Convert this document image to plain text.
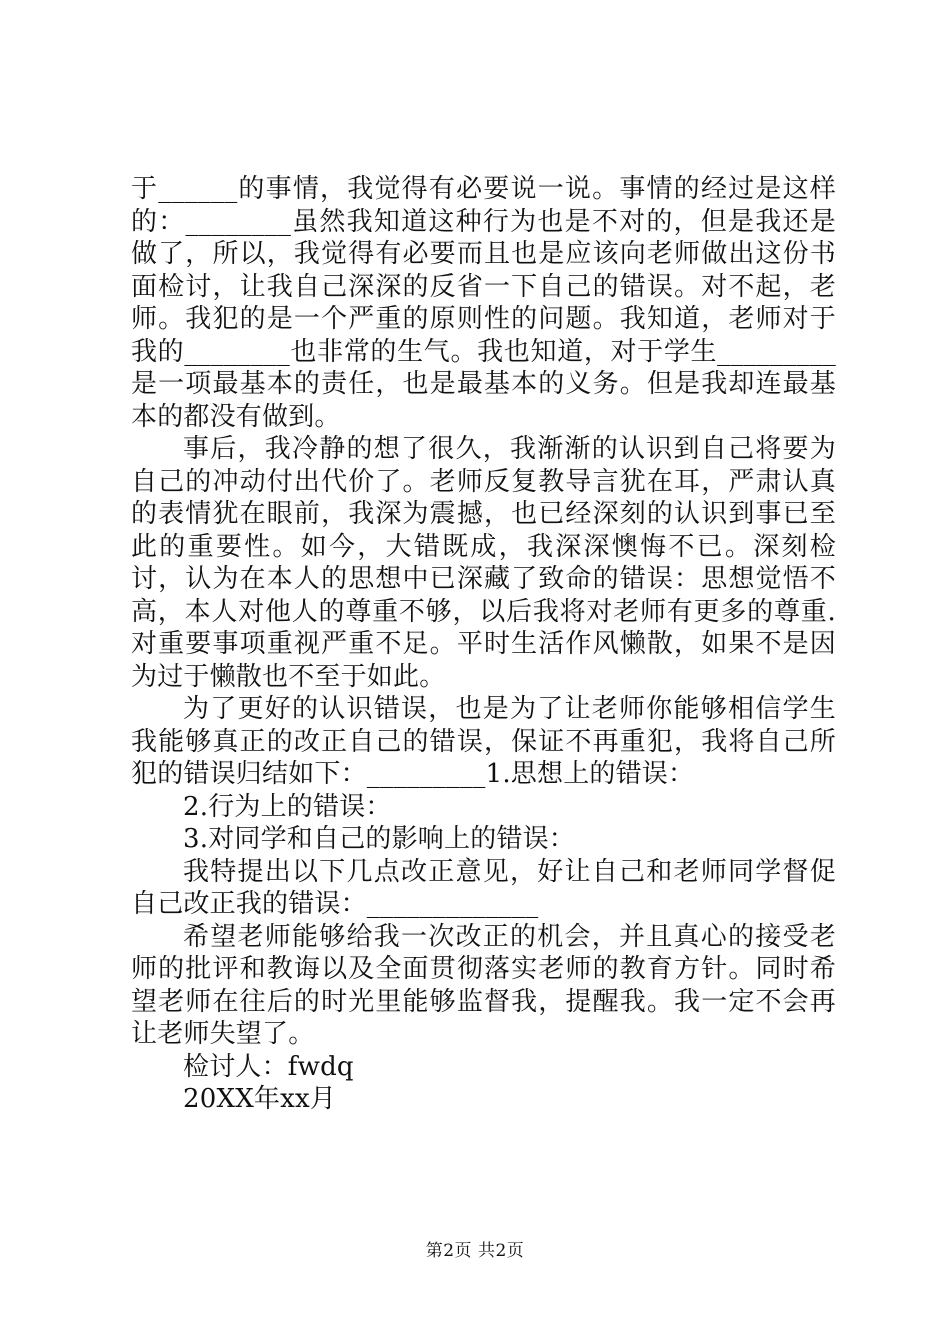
于______的事情，我觉得有必要说一说。事情的经过是这样的：________虽然我知道这种行为也是不对的，但是我还是做了，所以，我觉得有必要而且也是应该向老师做出这份书面检讨，让我自己深深的反省一下自己的错误。对不起，老师。我犯的是一个严重的原则性的问题。我知道，老师对于我的________也非常的生气。我也知道，对于学生_________是一项最基本的责任，也是最基本的义务。但是我却连最基本的都没有做到。

事后，我冷静的想了很久，我渐渐的认识到自己将要为自己的冲动付出代价了。老师反复教导言犹在耳，严肃认真的表情犹在眼前，我深为震撼，也已经深刻的认识到事已至此的重要性。如今，大错既成，我深深懊悔不已。深刻检讨，认为在本人的思想中已深藏了致命的错误：思想觉悟不高，本人对他人的尊重不够，以后我将对老师有更多的尊重.对重要事项重视严重不足。平时生活作风懒散，如果不是因为过于懒散也不至于如此。

为了更好的认识错误，也是为了让老师你能够相信学生我能够真正的改正自己的错误，保证不再重犯，我将自己所犯的错误归结如下：_________1.思想上的错误：

2.行为上的错误：

3.对同学和自己的影响上的错误：

我特提出以下几点改正意见，好让自己和老师同学督促自己改正我的错误：_____________

希望老师能够给我一次改正的机会，并且真心的接受老师的批评和教诲以及全面贯彻落实老师的教育方针。同时希望老师在往后的时光里能够监督我，提醒我。我一定不会再让老师失望了。

检讨人：fwdq

20XX年xx月

第2页 共2页
